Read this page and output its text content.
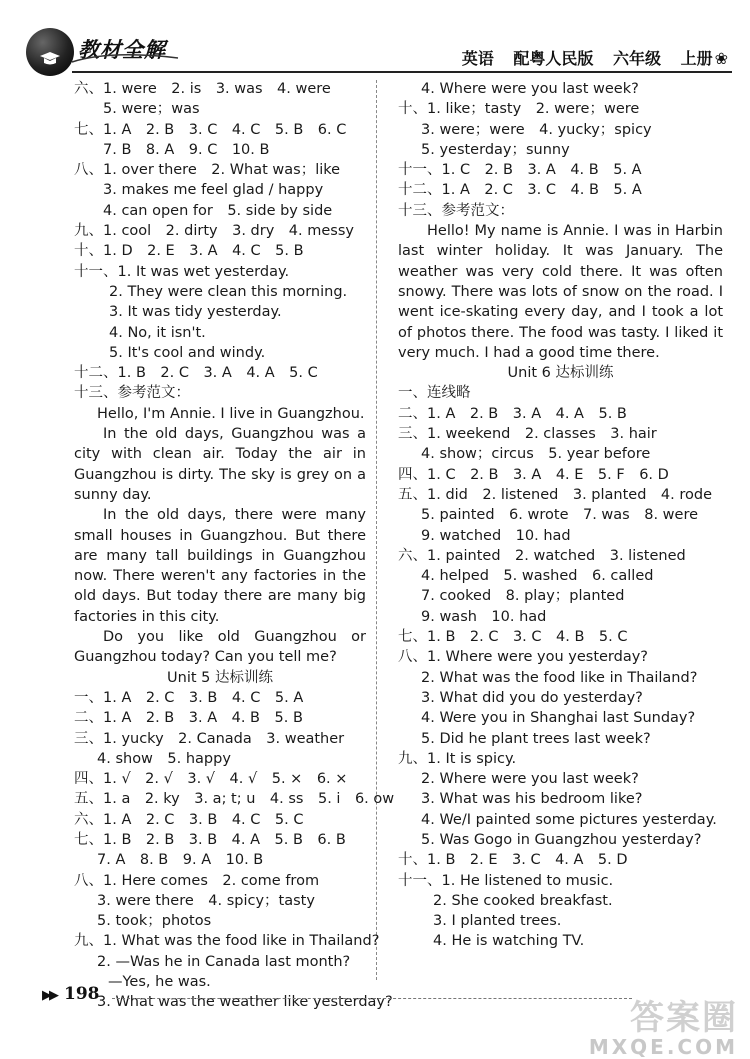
教材全解	英语 配粤人民版 六年级 上册 ❀

六、1. were　2. is　3. was　4. were

5. were；was

七、1. A　2. B　3. C　4. C　5. B　6. C

7. B　8. A　9. C　10. B

八、1. over there　2. What was；like

3. makes me feel glad / happy

4. can open for　5. side by side

九、1. cool　2. dirty　3. dry　4. messy

十、1. D　2. E　3. A　4. C　5. B

十一、1. It was wet yesterday.

2. They were clean this morning.

3. It was tidy yesterday.

4. No, it isn't.

5. It's cool and windy.

十二、1. B　2. C　3. A　4. A　5. C

十三、参考范文：

Hello, I'm Annie. I live in Guangzhou.

In the old days, Guangzhou was a city with clean air. Today the air in Guangzhou is dirty. The sky is grey on a sunny day.

In the old days, there were many small houses in Guangzhou. But there are many tall buildings in Guangzhou now. There weren't any factories in the old days. But today there are many big factories in this city.

Do you like old Guangzhou or Guangzhou today? Can you tell me?

Unit 5 达标训练

一、1. A　2. C　3. B　4. C　5. A

二、1. A　2. B　3. A　4. B　5. B

三、1. yucky　2. Canada　3. weather

4. show　5. happy

四、1. √　2. √　3. √　4. √　5. ×　6. ×

五、1. a　2. ky　3. a; t; u　4. ss　5. i　6. ow

六、1. A　2. C　3. B　4. C　5. C

七、1. B　2. B　3. B　4. A　5. B　6. B

7. A　8. B　9. A　10. B

八、1. Here comes　2. come from

3. were there　4. spicy；tasty

5. took；photos

九、1. What was the food like in Thailand?

2. —Was he in Canada last month?

—Yes, he was.

3. What was the weather like yesterday?

4. Where were you last week?

十、1. like；tasty　2. were；were

3. were；were　4. yucky；spicy

5. yesterday；sunny

十一、1. C　2. B　3. A　4. B　5. A

十二、1. A　2. C　3. C　4. B　5. A

十三、参考范文：

Hello! My name is Annie. I was in Harbin last winter holiday. It was January. The weather was very cold there. It was often snowy. There was lots of snow on the road. I went ice-skating every day, and I took a lot of photos there. The food was tasty. I liked it very much. I had a good time there.

Unit 6 达标训练

一、连线略

二、1. A　2. B　3. A　4. A　5. B

三、1. weekend　2. classes　3. hair

4. show；circus　5. year before

四、1. C　2. B　3. A　4. E　5. F　6. D

五、1. did　2. listened　3. planted　4. rode

5. painted　6. wrote　7. was　8. were

9. watched　10. had

六、1. painted　2. watched　3. listened

4. helped　5. washed　6. called

7. cooked　8. play；planted

9. wash　10. had

七、1. B　2. C　3. C　4. B　5. C

八、1. Where were you yesterday?

2. What was the food like in Thailand?

3. What did you do yesterday?

4. Were you in Shanghai last Sunday?

5. Did he plant trees last week?

九、1. It is spicy.

2. Where were you last week?

3. What was his bedroom like?

4. We/I painted some pictures yesterday.

5. Was Gogo in Guangzhou yesterday?

十、1. B　2. E　3. C　4. A　5. D

十一、1. He listened to music.

2. She cooked breakfast.

3. I planted trees.

4. He is watching TV.

▶▶ 198
答案圈
MXQE.COM
